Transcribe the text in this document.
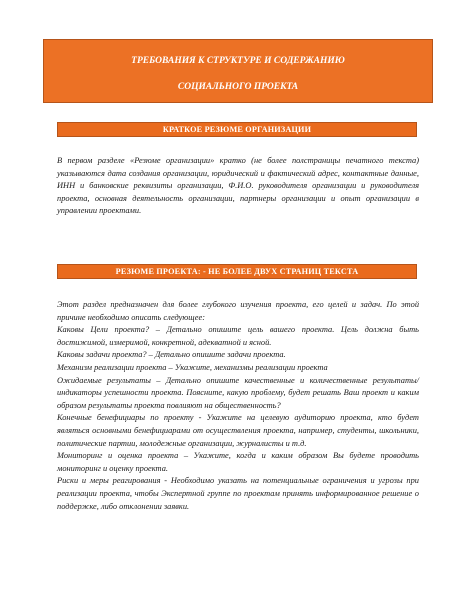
ТРЕБОВАНИЯ К СТРУКТУРЕ И СОДЕРЖАНИЮ
СОЦИАЛЬНОГО ПРОЕКТА
КРАТКОЕ РЕЗЮМЕ ОРГАНИЗАЦИИ
В первом разделе «Резюме организации» кратко (не более полстраницы печатного текста) указываются дата создания организации, юридический и фактический адрес, контактные данные, ИНН и банковские реквизиты организации, Ф.И.О. руководителя организации и руководителя проекта, основная деятельность организации, партнеры организации и опыт организации в управлении проектами.
РЕЗЮМЕ ПРОЕКТА: - НЕ БОЛЕЕ ДВУХ СТРАНИЦ ТЕКСТА
Этот раздел предназначен для более глубокого изучения проекта, его целей и задач. По этой причине необходимо описать следующее:
Каковы Цели проекта? – Детально опишите цель вашего проекта. Цель должна быть достижимой, измеримой, конкретной, адекватной и ясной.
Каковы задачи проекта? – Детально опишите задачи проекта.
Механизм реализации проекта – Укажите, механизмы реализации проекта
Ожидаемые результаты – Детально опишите качественные и количественные результаты/индикаторы успешности проекта. Поясните, какую проблему, будет решать Ваш проект и каким образом результаты проекта повлияют на общественность?
Конечные бенефициары по проекту - Укажите на целевую аудиторию проекта, кто будет являться основными бенефициарами от осуществления проекта, например, студенты, школьники, политические партии, молодежные организации, журналисты и т.д.
Мониторинг и оценка проекта – Укажите, когда и каким образом Вы будете проводить мониторинг и оценку проекта.
Риски и меры реагирования - Необходимо указать на потенциальные ограничения и угрозы при реализации проекта, чтобы Экспертной группе по проектам принять информированное решение о поддержке, либо отклонении заявки.
